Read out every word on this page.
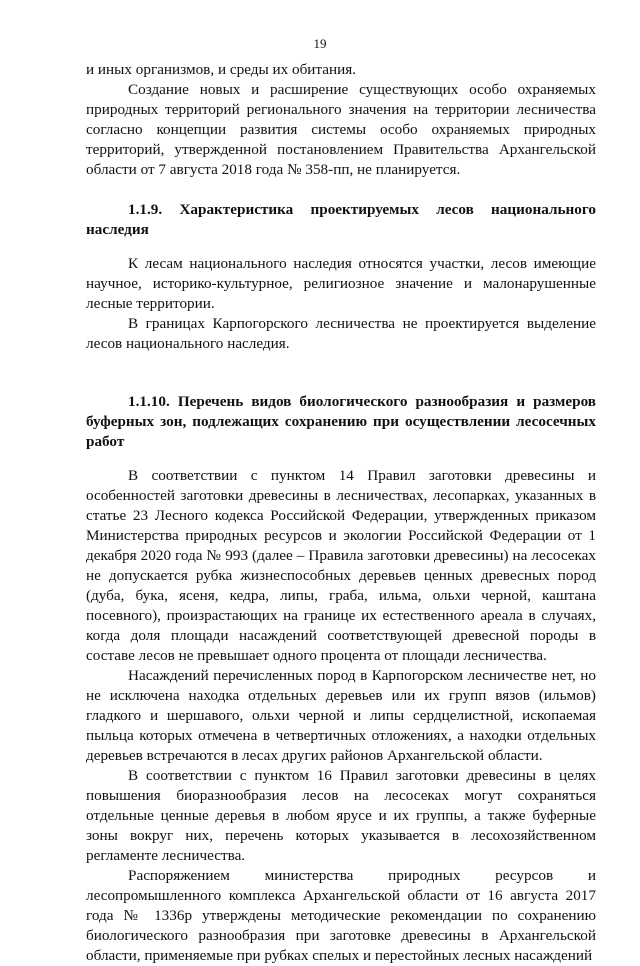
19

и иных организмов, и среды их обитания.

Создание новых и расширение существующих особо охраняемых природных территорий регионального значения на территории лесничества согласно концепции развития системы особо охраняемых природных территорий, утвержденной постановлением Правительства Архангельской области от 7 августа 2018 года № 358-пп, не планируется.

1.1.9. Характеристика проектируемых лесов национального наследия

К лесам национального наследия относятся участки, лесов имеющие научное, историко-культурное, религиозное значение и малонарушенные лесные территории.

В границах Карпогорского лесничества не проектируется выделение лесов национального наследия.

1.1.10. Перечень видов биологического разнообразия и размеров буферных зон, подлежащих сохранению при осуществлении лесосечных работ

В соответствии с пунктом 14 Правил заготовки древесины и особенностей заготовки древесины в лесничествах, лесопарках, указанных в статье 23 Лесного кодекса Российской Федерации, утвержденных приказом Министерства природных ресурсов и экологии Российской Федерации от 1 декабря 2020 года № 993 (далее – Правила заготовки древесины) на лесосеках не допускается рубка жизнеспособных деревьев ценных древесных пород (дуба, бука, ясеня, кедра, липы, граба, ильма, ольхи черной, каштана посевного), произрастающих на границе их естественного ареала в случаях, когда доля площади насаждений соответствующей древесной породы в составе лесов не превышает одного процента от площади лесничества.

Насаждений перечисленных пород в Карпогорском лесничестве нет, но не исключена находка отдельных деревьев или их групп вязов (ильмов) гладкого и шершавого, ольхи черной и липы сердцелистной, ископаемая пыльца которых отмечена в четвертичных отложениях, а находки отдельных деревьев встречаются в лесах других районов Архангельской области.

В соответствии с пунктом 16 Правил заготовки древесины в целях повышения биоразнообразия лесов на лесосеках могут сохраняться отдельные ценные деревья в любом ярусе и их группы, а также буферные зоны вокруг них, перечень которых указывается в лесохозяйственном регламенте лесничества.

Распоряжением министерства природных ресурсов и лесопромышленного комплекса Архангельской области от 16 августа 2017 года № 1336р утверждены методические рекомендации по сохранению биологического разнообразия при заготовке древесины в Архангельской области, применяемые при рубках спелых и перестойных лесных насаждений
